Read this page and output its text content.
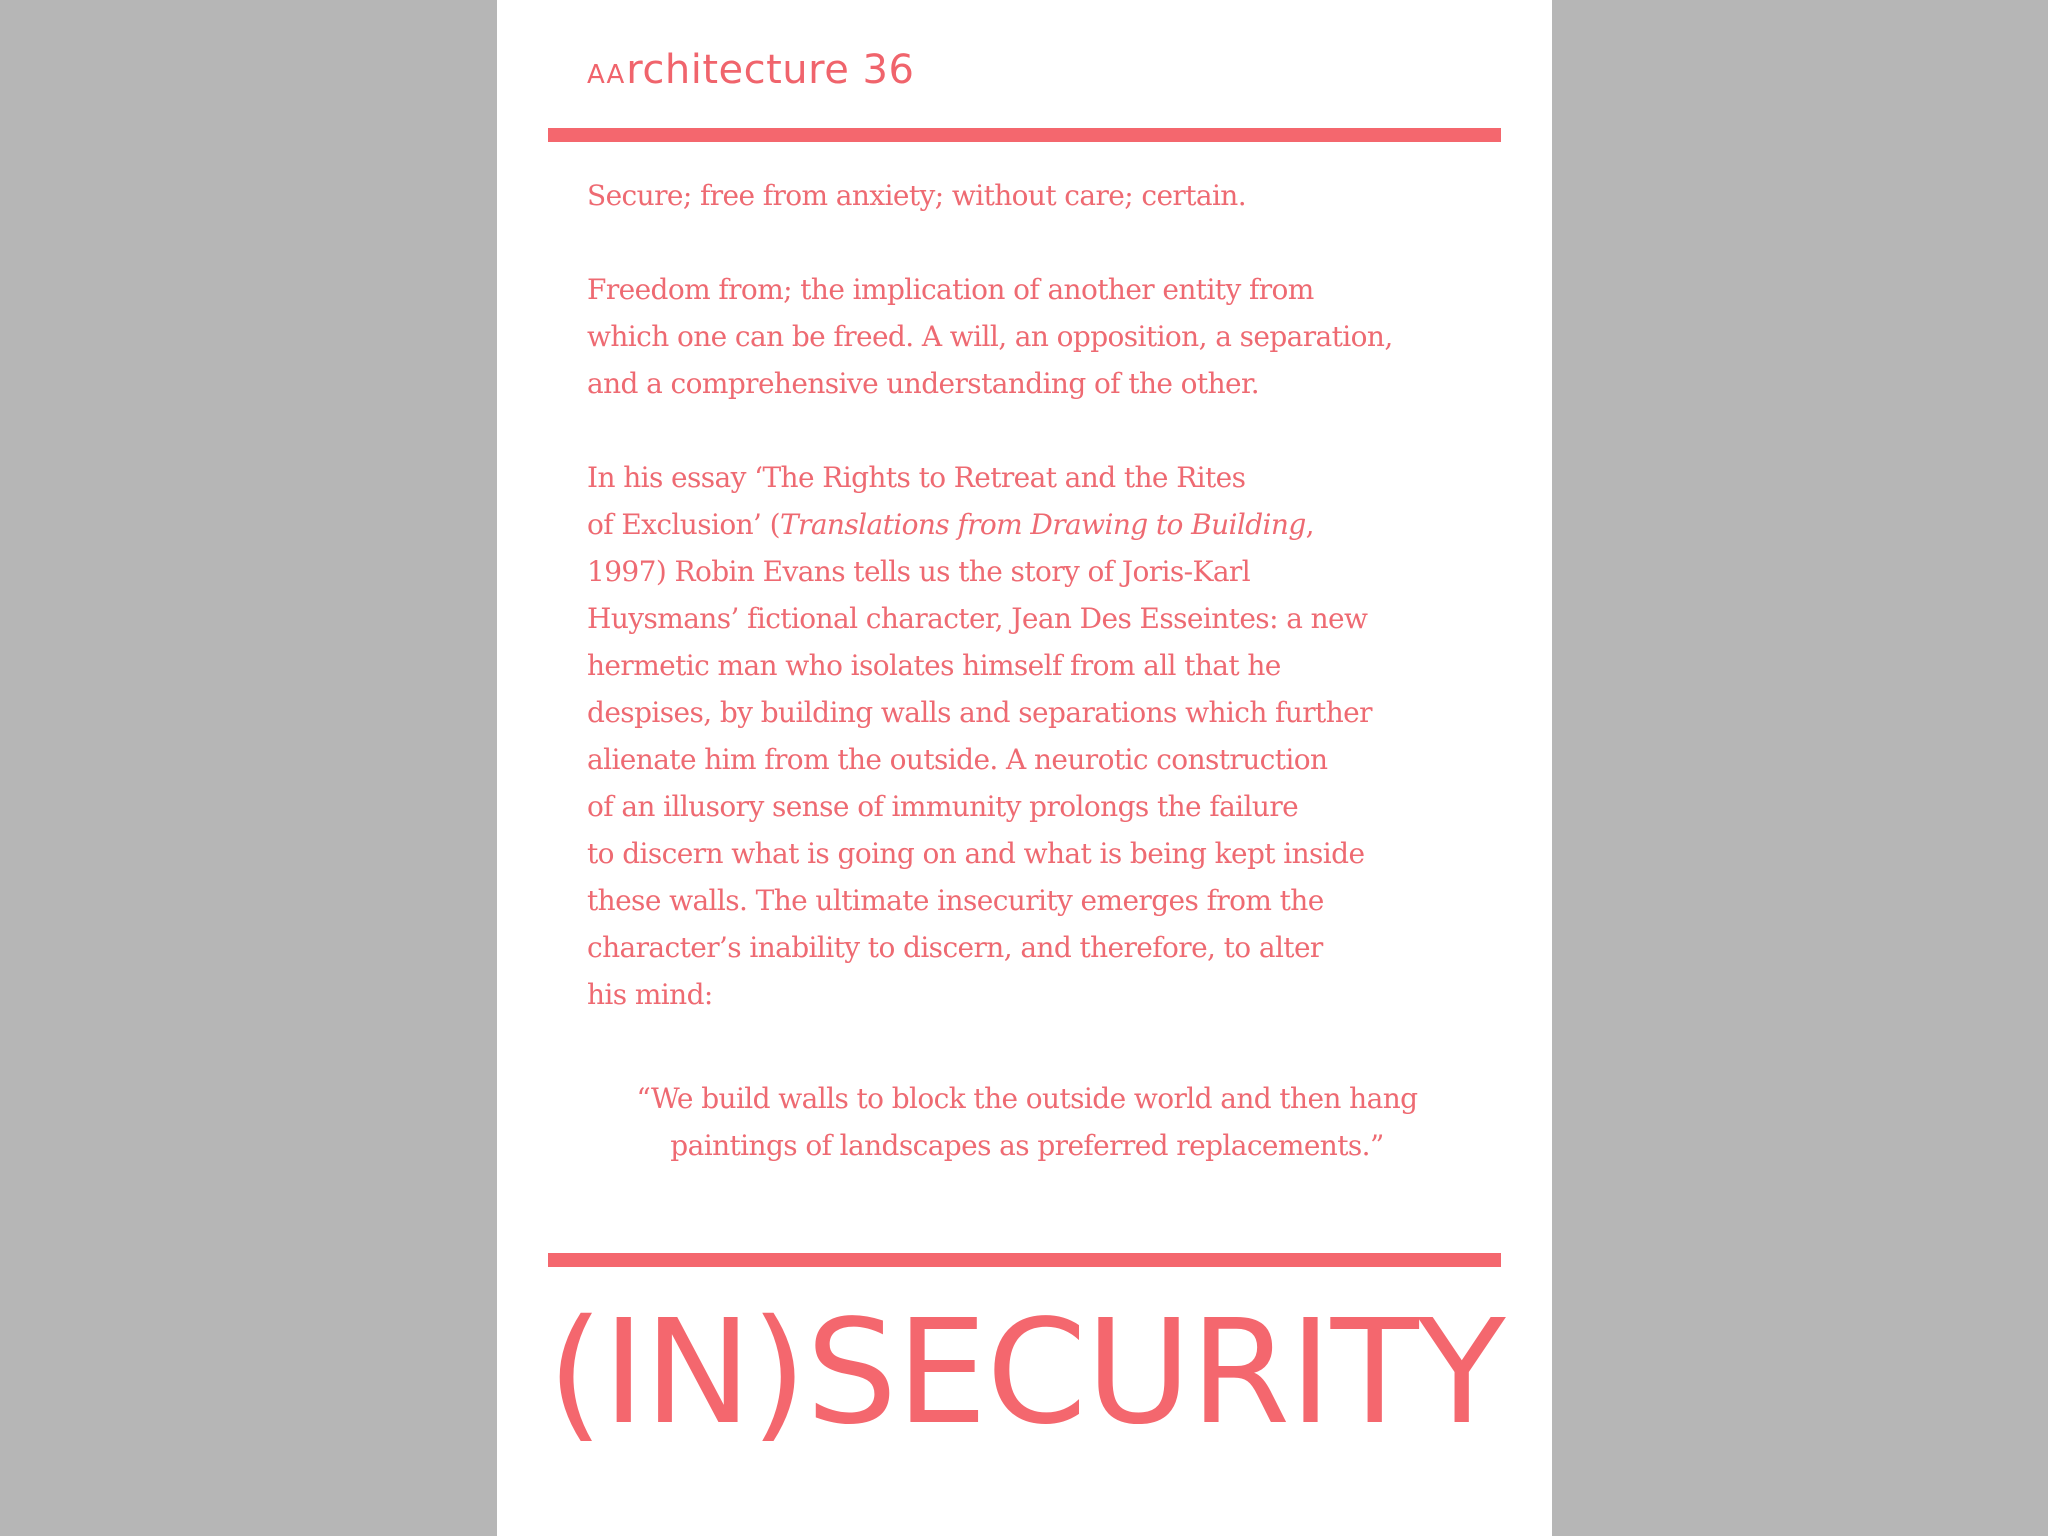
AArchitecture 36

Secure; free from anxiety; without care; certain.

Freedom from; the implication of another entity from
which one can be freed. A will, an opposition, a separation,
and a comprehensive understanding of the other.

In his essay ‘The Rights to Retreat and the Rites
of Exclusion’ (Translations from Drawing to Building,
1997) Robin Evans tells us the story of Joris-Karl
Huysmans’ fictional character, Jean Des Esseintes: a new
hermetic man who isolates himself from all that he
despises, by building walls and separations which further
alienate him from the outside. A neurotic construction
of an illusory sense of immunity prolongs the failure
to discern what is going on and what is being kept inside
these walls. The ultimate insecurity emerges from the
character’s inability to discern, and therefore, to alter
his mind:

“We build walls to block the outside world and then hang
paintings of landscapes as preferred replacements.”
(IN)SECURITY
